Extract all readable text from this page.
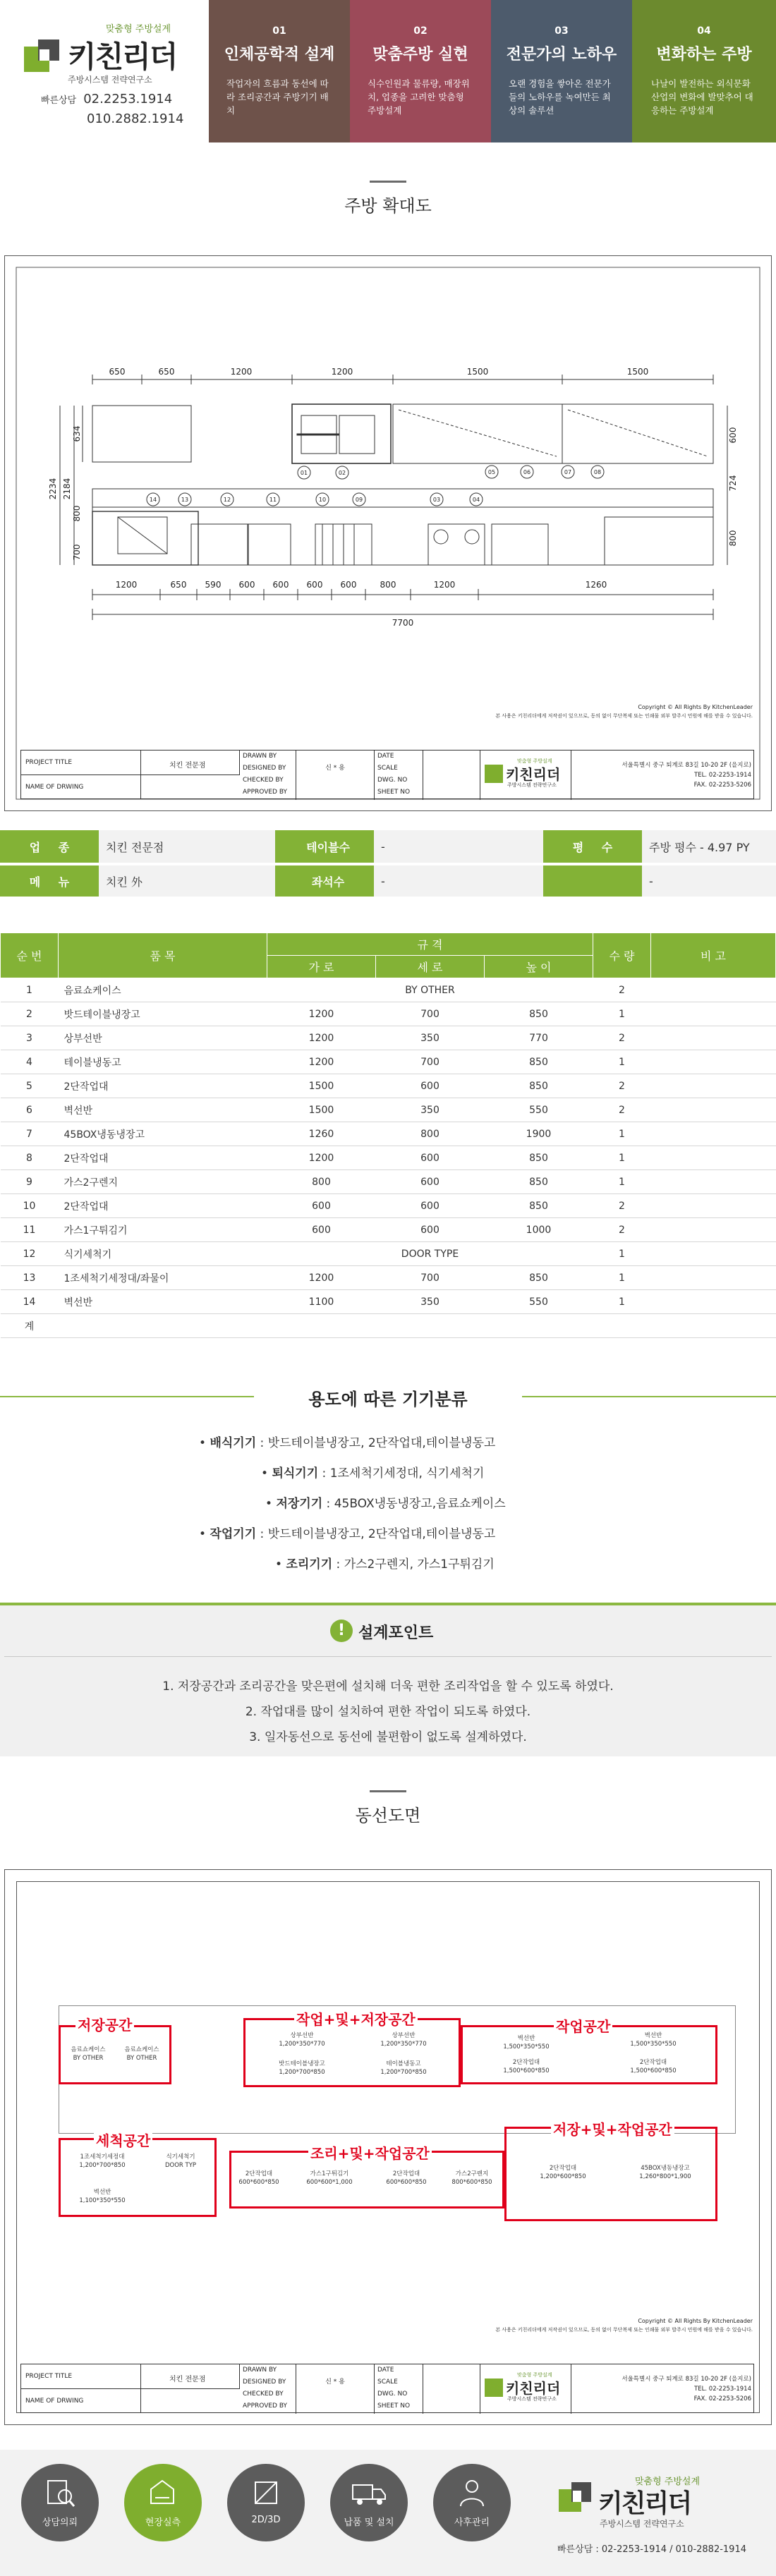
맞춤형 주방설계
키친리더
주방시스템 전략연구소
빠른상담 02.2253.1914
010.2882.1914
01
인체공학적 설계
작업자의 흐름과 동선에 따라 조리공간과 주방기기 배치
02
맞춤주방 실현
식수인원과 물류량, 매장위치, 업종을 고려한 맞춤형 주방설계
03
전문가의 노하우
오랜 경험을 쌓아온 전문가들의 노하우를 녹여만든 최상의 솔루션
04
변화하는 주방
나날이 발전하는 외식문화 산업의 변화에 발맞추어 대응하는 주방설계
주방 확대도
650	650	1200	1200	1500	1500
1200	650 590 600 600 600 600	800	1200	1260
7700
2234 2184
634
800
700
600
724
800
01	02
03	04
05	06	07	08
09
10
11
12
13
14
Copyright © All Rights By KitchenLeader
본 사용은 키친리더에게 저작권이 있으므로, 동의 없이 무단복제 또는 인쇄물 외부 발주시 민원에 해를 받을 수 있습니다.
PROJECT TITLE	치킨 전문점
NAME OF DRWING
DRAWN BY
DESIGNED BY
CHECKED BY
APPROVED BY
신 * 용
DATE
SCALE
DWG. NO
SHEET NO
맞춤형 주방설계
키친리더
주방시스템 전략연구소
서울특별시 중구 퇴계로 83길 10-20 2F (을지로)
TEL. 02-2253-1914
FAX. 02-2253-5206
업 종	치킨 전문점	테이블수	-	평 수	주방 평수 - 4.97 PY
메 뉴	치킨 外	좌석수	-		-
순 번	품 목	규 격			수 량	비 고
		가 로	세 로	높 이		
1	음료쇼케이스	BY OTHER			2	
2	밧드테이블냉장고	1200	700	850	1	
3	상부선반	1200	350	770	2	
4	테이블냉동고	1200	700	850	1	
5	2단작업대	1500	600	850	2	
6	벽선반	1500	350	550	2	
7	45BOX냉동냉장고	1260	800	1900	1	
8	2단작업대	1200	600	850	1	
9	가스2구렌지	800	600	850	1	
10	2단작업대	600	600	850	2	
11	가스1구튀김기	600	600	1000	2	
12	식기세척기	DOOR TYPE			1	
13	1조세척기세정대/좌물이	1200	700	850	1	
14	벽선반	1100	350	550	1	
계						
용도에 따른 기기분류
• 배식기기 : 밧드테이블냉장고, 2단작업대,테이블냉동고
• 퇴식기기 : 1조세척기세정대, 식기세척기
• 저장기기 : 45BOX냉동냉장고,음료쇼케이스
• 작업기기 : 밧드테이블냉장고, 2단작업대,테이블냉동고
• 조리기기 : 가스2구렌지, 가스1구튀김기
! 설계포인트
1. 저장공간과 조리공간을 맞은편에 설치해 더욱 편한 조리작업을 할 수 있도록 하였다.
2. 작업대를 많이 설치하여 편한 작업이 되도록 하였다.
3. 일자동선으로 동선에 불편함이 없도록 설계하였다.
동선도면
음료쇼케이스
BY OTHER
음료쇼케이스
BY OTHER
저장공간
상부선반
1,200*350*770
상부선반
1,200*350*770
밧드테이블냉장고
1,200*700*850
테이블냉동고
1,200*700*850
작업+및+저장공간
벽선반
1,500*350*550
벽선반
1,500*350*550
2단작업대
1,500*600*850
2단작업대
1,500*600*850
작업공간
1조세척기세정대
1,200*700*850
식기세척기
DOOR TYP
벽선반
1,100*350*550
세척공간
2단작업대
600*600*850
가스1구튀김기
600*600*1,000
2단작업대
600*600*850
가스2구렌지
800*600*850
조리+및+작업공간
2단작업대
1,200*600*850
45BOX냉동냉장고
1,260*800*1,900
저장+및+작업공간
Copyright © All Rights By KitchenLeader
본 사용은 키친리더에게 저작권이 있으므로, 동의 없이 무단복제 또는 인쇄물 외부 발주시 민원에 해를 받을 수 있습니다.
PROJECT TITLE	치킨 전문점
NAME OF DRWING
DRAWN BY
DESIGNED BY
CHECKED BY
APPROVED BY
신 * 용
DATE
SCALE
DWG. NO
SHEET NO
맞춤형 주방설계
키친리더
주방시스템 전략연구소
서울특별시 중구 퇴계로 83길 10-20 2F (을지로)
TEL. 02-2253-1914
FAX. 02-2253-5206
상담의뢰	현장실측	2D/3D	납품 및 설치	사후관리
맞춤형 주방설계
키친리더
주방시스템 전략연구소
빠른상담 : 02-2253-1914 / 010-2882-1914
